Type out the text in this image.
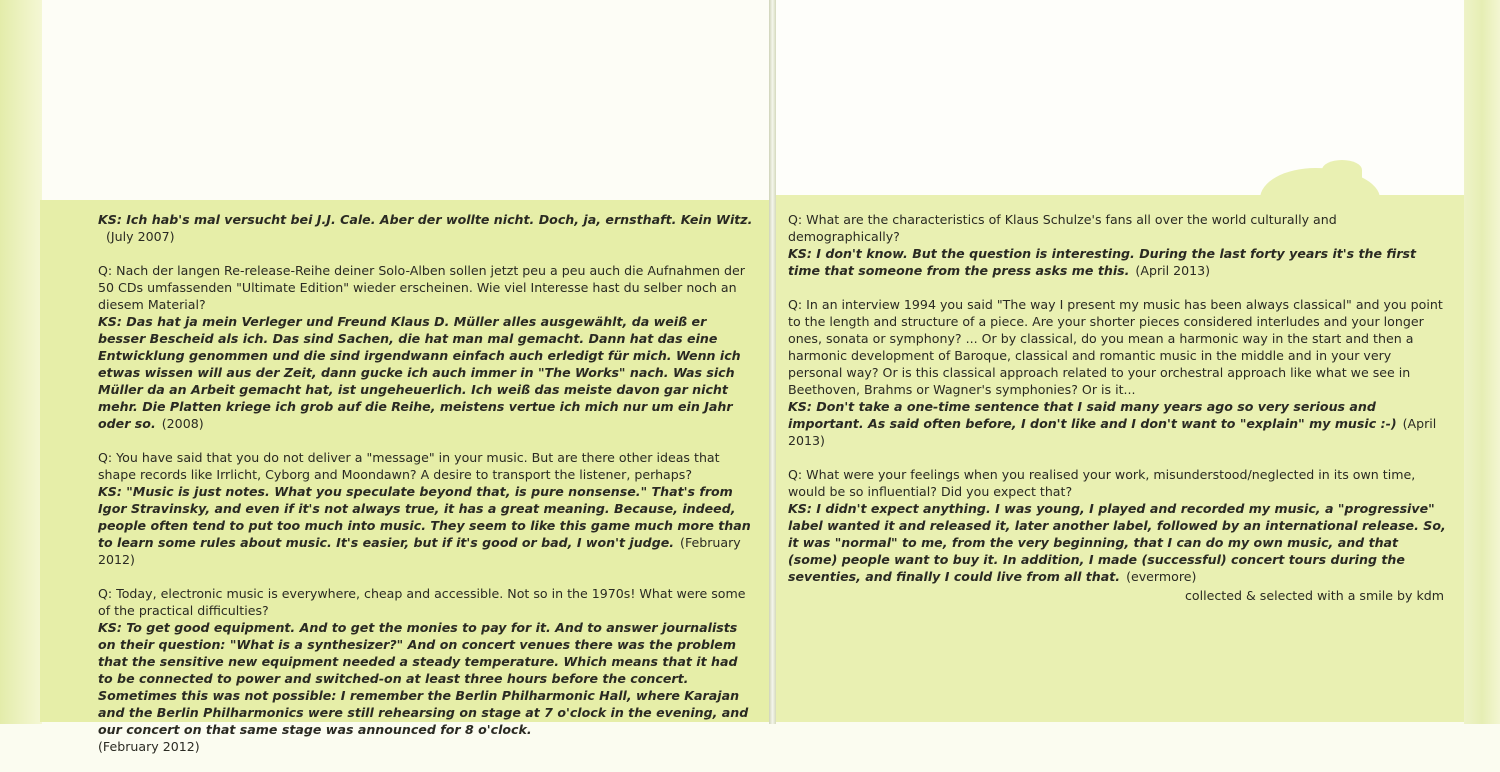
KS: Ich hab's mal versucht bei J.J. Cale. Aber der wollte nicht. Doch, ja, ernsthaft. Kein Witz.(July 2007)
Q: Nach der langen Re-release-Reihe deiner Solo-Alben sollen jetzt peu a peu auch die Aufnahmen der 50 CDs umfassenden "Ultimate Edition" wieder erscheinen. Wie viel Interesse hast du selber noch an diesem Material?
KS: Das hat ja mein Verleger und Freund Klaus D. Müller alles ausgewählt, da weiß er besser Bescheid als ich. Das sind Sachen, die hat man mal gemacht. Dann hat das eine Entwicklung genommen und die sind irgendwann einfach auch erledigt für mich. Wenn ich etwas wissen will aus der Zeit, dann gucke ich auch immer in "The Works" nach. Was sich Müller da an Arbeit gemacht hat, ist ungeheuerlich. Ich weiß das meiste davon gar nicht mehr. Die Platten kriege ich grob auf die Reihe, meistens vertue ich mich nur um ein Jahr oder so. (2008)
Q: You have said that you do not deliver a "message" in your music. But are there other ideas that shape records like Irrlicht, Cyborg and Moondawn? A desire to transport the listener, perhaps?
KS: "Music is just notes. What you speculate beyond that, is pure nonsense." That's from Igor Stravinsky, and even if it's not always true, it has a great meaning. Because, indeed, people often tend to put too much into music. They seem to like this game much more than to learn some rules about music. It's easier, but if it's good or bad, I won't judge. (February 2012)
Q: Today, electronic music is everywhere, cheap and accessible. Not so in the 1970s! What were some of the practical difficulties?
KS: To get good equipment. And to get the monies to pay for it. And to answer journalists on their question: "What is a synthesizer?" And on concert venues there was the problem that the sensitive new equipment needed a steady temperature. Which means that it had to be connected to power and switched-on at least three hours before the concert. Sometimes this was not possible: I remember the Berlin Philharmonic Hall, where Karajan and the Berlin Philharmonics were still rehearsing on stage at 7 o'clock in the evening, and our concert on that same stage was announced for 8 o'clock.
(February 2012)
Q: What are the characteristics of Klaus Schulze's fans all over the world culturally and demographically?
KS: I don't know. But the question is interesting. During the last forty years it's the first time that someone from the press asks me this. (April 2013)
Q: In an interview 1994 you said "The way I present my music has been always classical" and you point to the length and structure of a piece. Are your shorter pieces considered interludes and your longer ones, sonata or symphony? ... Or by classical, do you mean a harmonic way in the start and then a harmonic development of Baroque, classical and romantic music in the middle and in your very personal way? Or is this classical approach related to your orchestral approach like what we see in Beethoven, Brahms or Wagner's symphonies? Or is it...
KS: Don't take a one-time sentence that I said many years ago so very serious and important. As said often before, I don't like and I don't want to "explain" my music :-) (April 2013)
Q: What were your feelings when you realised your work, misunderstood/neglected in its own time, would be so influential? Did you expect that?
KS: I didn't expect anything. I was young, I played and recorded my music, a "progressive" label wanted it and released it, later another label, followed by an international release. So, it was "normal" to me, from the very beginning, that I can do my own music, and that (some) people want to buy it. In addition, I made (successful) concert tours during the seventies, and finally I could live from all that. (evermore)
collected & selected with a smile by kdm
